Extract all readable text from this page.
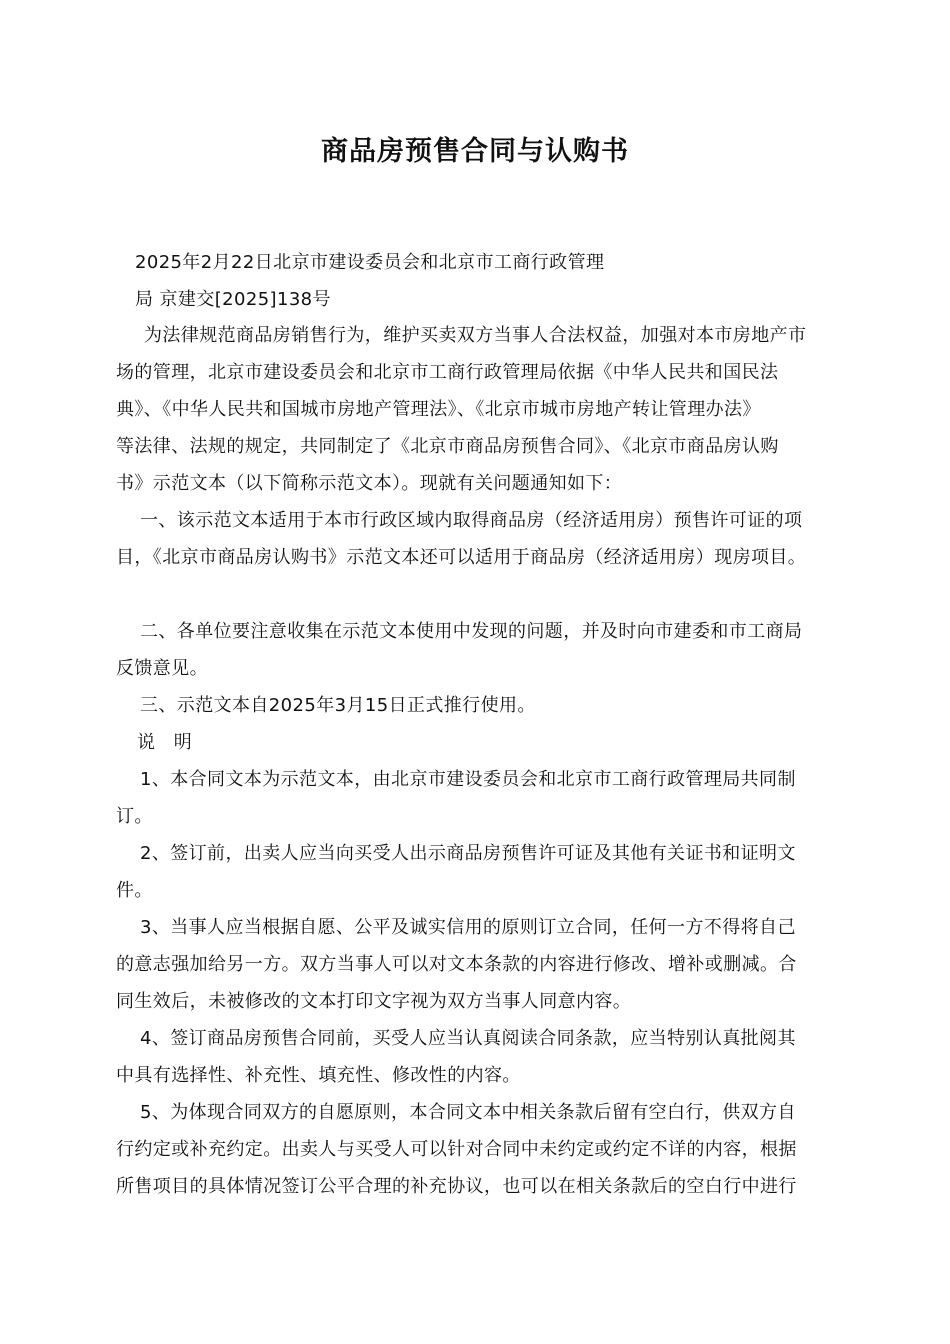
商品房预售合同与认购书
2025年2月22日北京市建设委员会和北京市工商行政管理
局 京建交[2025]138号
为法律规范商品房销售行为，维护买卖双方当事人合法权益，加强对本市房地产市
场的管理，北京市建设委员会和北京市工商行政管理局依据《中华人民共和国民法
典》、《中华人民共和国城市房地产管理法》、《北京市城市房地产转让管理办法》
等法律、法规的规定，共同制定了《北京市商品房预售合同》、《北京市商品房认购
书》示范文本（以下简称示范文本）。现就有关问题通知如下：
一、该示范文本适用于本市行政区域内取得商品房（经济适用房）预售许可证的项
目，《北京市商品房认购书》示范文本还可以适用于商品房（经济适用房）现房项目。
二、各单位要注意收集在示范文本使用中发现的问题，并及时向市建委和市工商局
反馈意见。
三、示范文本自2025年3月15日正式推行使用。
说　明
1、本合同文本为示范文本，由北京市建设委员会和北京市工商行政管理局共同制
订。
2、签订前，出卖人应当向买受人出示商品房预售许可证及其他有关证书和证明文
件。
3、当事人应当根据自愿、公平及诚实信用的原则订立合同，任何一方不得将自己
的意志强加给另一方。双方当事人可以对文本条款的内容进行修改、增补或删减。合
同生效后，未被修改的文本打印文字视为双方当事人同意内容。
4、签订商品房预售合同前，买受人应当认真阅读合同条款，应当特别认真批阅其
中具有选择性、补充性、填充性、修改性的内容。
5、为体现合同双方的自愿原则，本合同文本中相关条款后留有空白行，供双方自
行约定或补充约定。出卖人与买受人可以针对合同中未约定或约定不详的内容，根据
所售项目的具体情况签订公平合理的补充协议，也可以在相关条款后的空白行中进行
